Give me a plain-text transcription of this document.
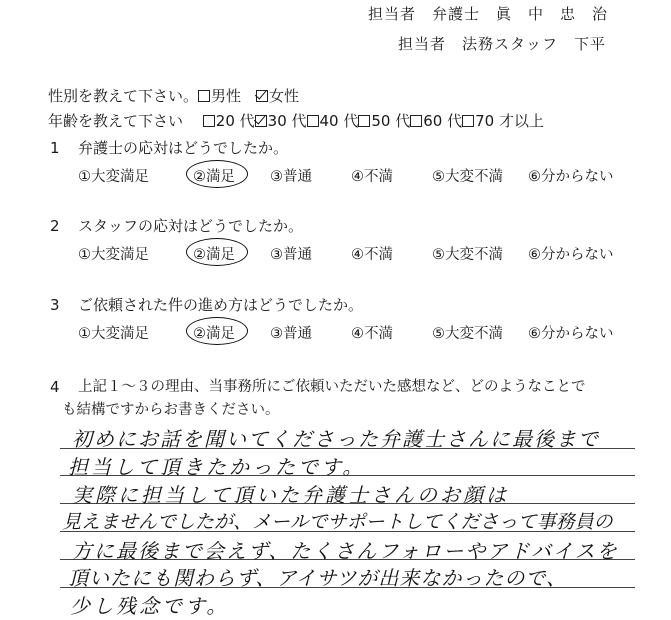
担当者　弁護士　眞　中　忠　治
担当者　法務スタッフ　下平
性別を教えて下さい。 男性　 女性
年齢を教えて下さい　 20 代 30 代 40 代 50 代 60 代 70 才以上
1 弁護士の応対はどうでしたか。
①大変満足	②満足 ③普通	④不満	⑤大変不満 ⑥分からない
2 スタッフの応対はどうでしたか。
①大変満足	②満足 ③普通	④不満	⑤大変不満 ⑥分からない
3 ご依頼された件の進め方はどうでしたか。
①大変満足	②満足 ③普通	④不満	⑤大変不満 ⑥分からない
4 上記１～３の理由、当事務所にご依頼いただいた感想など、どのようなことで
も結構ですからお書きください。
初めにお話を聞いてくださった弁護士さんに最後まで
担当して頂きたかったです。
実際に担当して頂いた弁護士さんのお顔は
見えませんでしたが、メールでサポートしてくださって事務員の
方に最後まで会えず、たくさんフォローやアドバイスを
頂いたにも関わらず、アイサツが出来なかったので、
少し残念です。
